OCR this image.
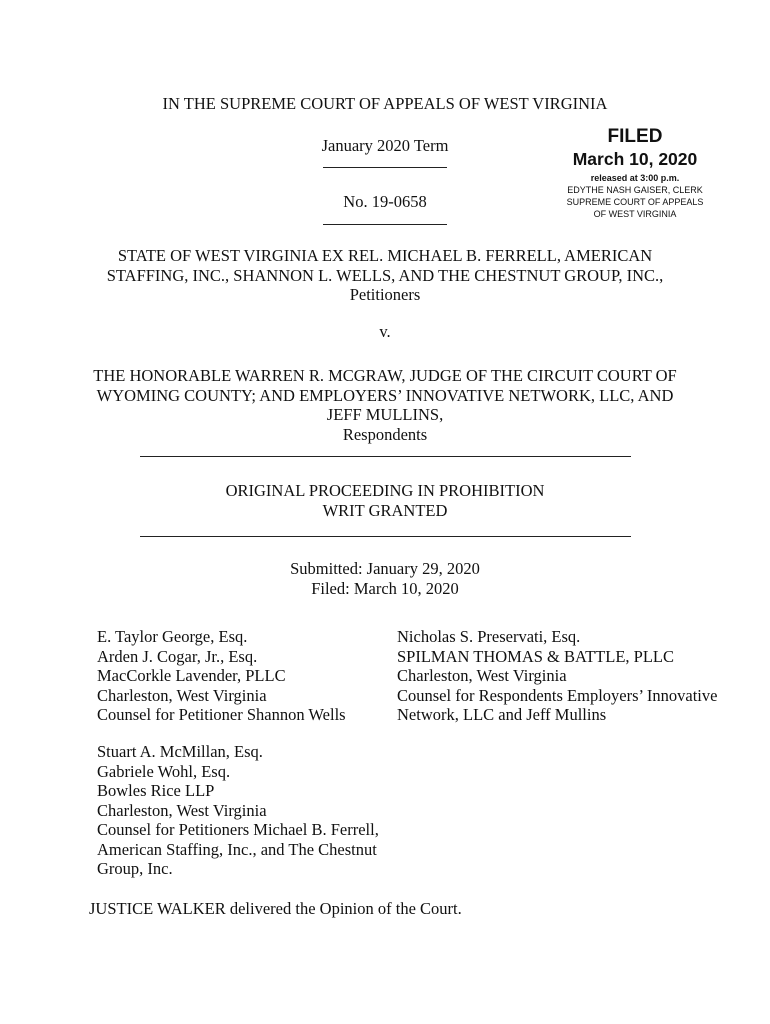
IN THE SUPREME COURT OF APPEALS OF WEST VIRGINIA
January 2020 Term
No. 19-0658
FILED
March 10, 2020
released at 3:00 p.m.
EDYTHE NASH GAISER, CLERK
SUPREME COURT OF APPEALS
OF WEST VIRGINIA
STATE OF WEST VIRGINIA EX REL. MICHAEL B. FERRELL, AMERICAN
STAFFING, INC., SHANNON L. WELLS, AND THE CHESTNUT GROUP, INC.,
Petitioners
v.
THE HONORABLE WARREN R. MCGRAW, JUDGE OF THE CIRCUIT COURT OF
WYOMING COUNTY; AND EMPLOYERS’ INNOVATIVE NETWORK, LLC, AND
JEFF MULLINS,
Respondents
ORIGINAL PROCEEDING IN PROHIBITION
WRIT GRANTED
Submitted: January 29, 2020
Filed: March 10, 2020
E. Taylor George, Esq.
Arden J. Cogar, Jr., Esq.
MacCorkle Lavender, PLLC
Charleston, West Virginia
Counsel for Petitioner Shannon Wells
Nicholas S. Preservati, Esq.
SPILMAN THOMAS & BATTLE, PLLC
Charleston, West Virginia
Counsel for Respondents Employers’ Innovative
Network, LLC and Jeff Mullins
Stuart A. McMillan, Esq.
Gabriele Wohl, Esq.
Bowles Rice LLP
Charleston, West Virginia
Counsel for Petitioners Michael B. Ferrell,
American Staffing, Inc., and The Chestnut
Group, Inc.
JUSTICE WALKER delivered the Opinion of the Court.
